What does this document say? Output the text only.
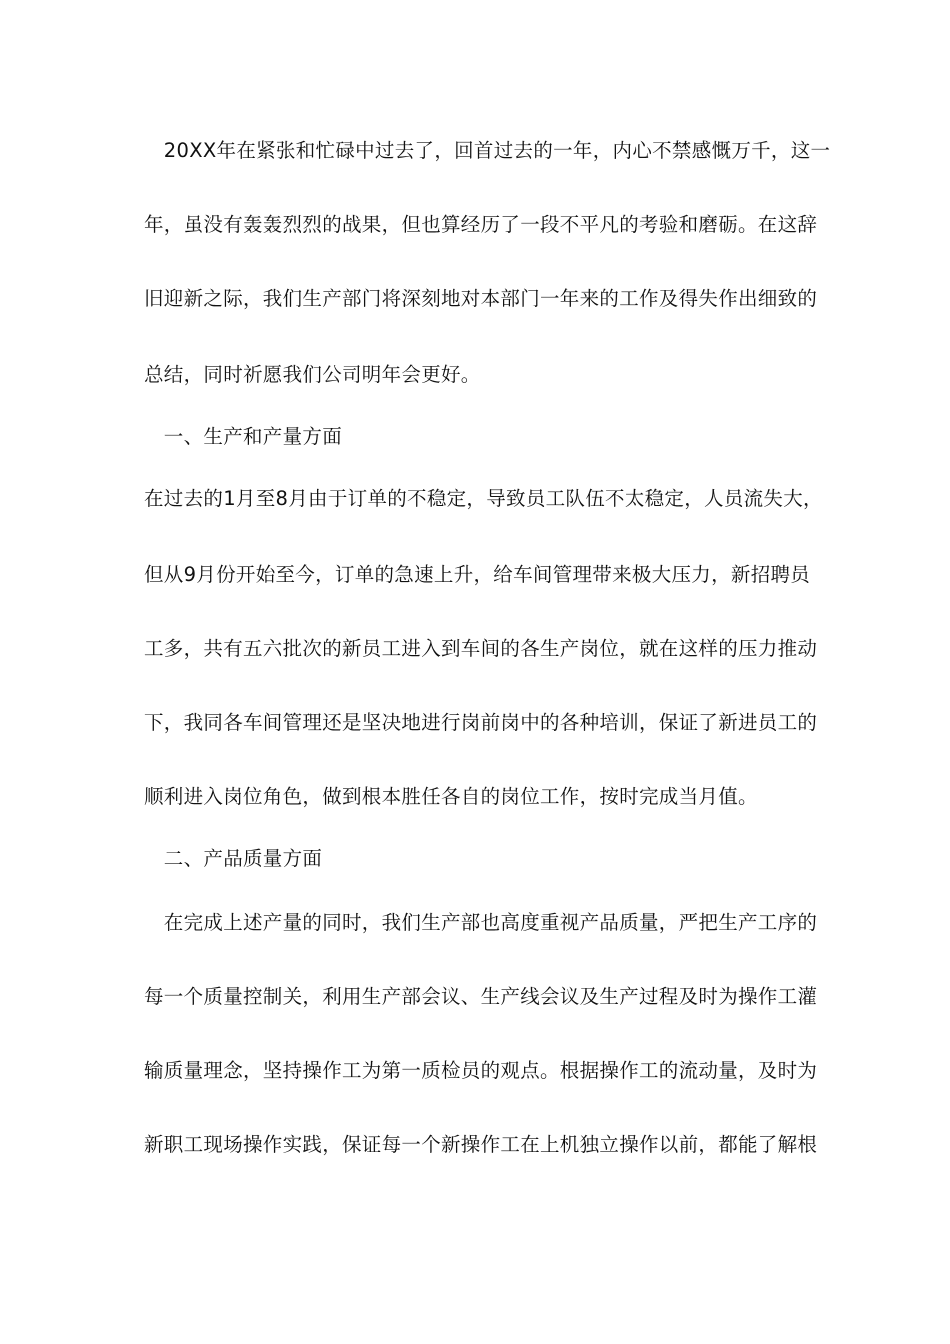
　20XX年在紧张和忙碌中过去了，回首过去的一年，内心不禁感慨万千，这一
年，虽没有轰轰烈烈的战果，但也算经历了一段不平凡的考验和磨砺。在这辞
旧迎新之际，我们生产部门将深刻地对本部门一年来的工作及得失作出细致的
总结，同时祈愿我们公司明年会更好。
　一、生产和产量方面
在过去的1月至8月由于订单的不稳定，导致员工队伍不太稳定，人员流失大，
但从9月份开始至今，订单的急速上升，给车间管理带来极大压力，新招聘员
工多，共有五六批次的新员工进入到车间的各生产岗位，就在这样的压力推动
下，我同各车间管理还是坚决地进行岗前岗中的各种培训，保证了新进员工的
顺利进入岗位角色，做到根本胜任各自的岗位工作，按时完成当月值。
　二、产品质量方面
　在完成上述产量的同时，我们生产部也高度重视产品质量，严把生产工序的
每一个质量控制关，利用生产部会议、生产线会议及生产过程及时为操作工灌
输质量理念，坚持操作工为第一质检员的观点。根据操作工的流动量，及时为
新职工现场操作实践，保证每一个新操作工在上机独立操作以前，都能了解根
